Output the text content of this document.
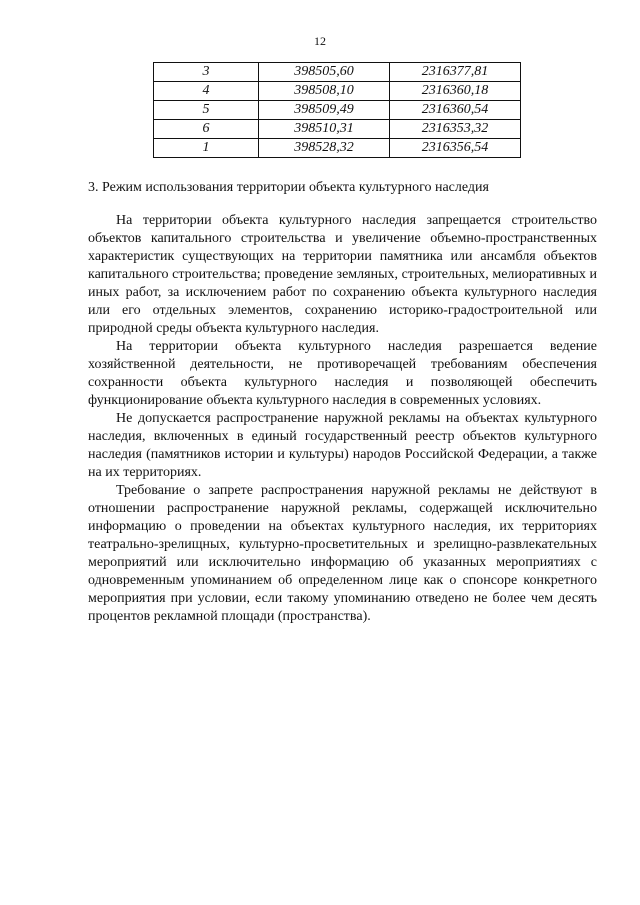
12
3	398505,60	2316377,81
4	398508,10	2316360,18
5	398509,49	2316360,54
6	398510,31	2316353,32
1	398528,32	2316356,54
3. Режим использования территории объекта культурного наследия

На территории объекта культурного наследия запрещается строительство объектов капитального строительства и увеличение объемно-пространственных характеристик существующих на территории памятника или ансамбля объектов капитального строительства; проведение земляных, строительных, мелиоративных и иных работ, за исключением работ по сохранению объекта культурного наследия или его отдельных элементов, сохранению историко-градостроительной или природной среды объекта культурного наследия.

На территории объекта культурного наследия разрешается ведение хозяйственной деятельности, не противоречащей требованиям обеспечения сохранности объекта культурного наследия и позволяющей обеспечить функционирование объекта культурного наследия в современных условиях.

Не допускается распространение наружной рекламы на объектах культурного наследия, включенных в единый государственный реестр объектов культурного наследия (памятников истории и культуры) народов Российской Федерации, а также на их территориях.

Требование о запрете распространения наружной рекламы не действуют в отношении распространение наружной рекламы, содержащей исключительно информацию о проведении на объектах культурного наследия, их территориях театрально-зрелищных, культурно-просветительных и зрелищно-развлекательных мероприятий или исключительно информацию об указанных мероприятиях с одновременным упоминанием об определенном лице как о спонсоре конкретного мероприятия при условии, если такому упоминанию отведено не более чем десять процентов рекламной площади (пространства).
